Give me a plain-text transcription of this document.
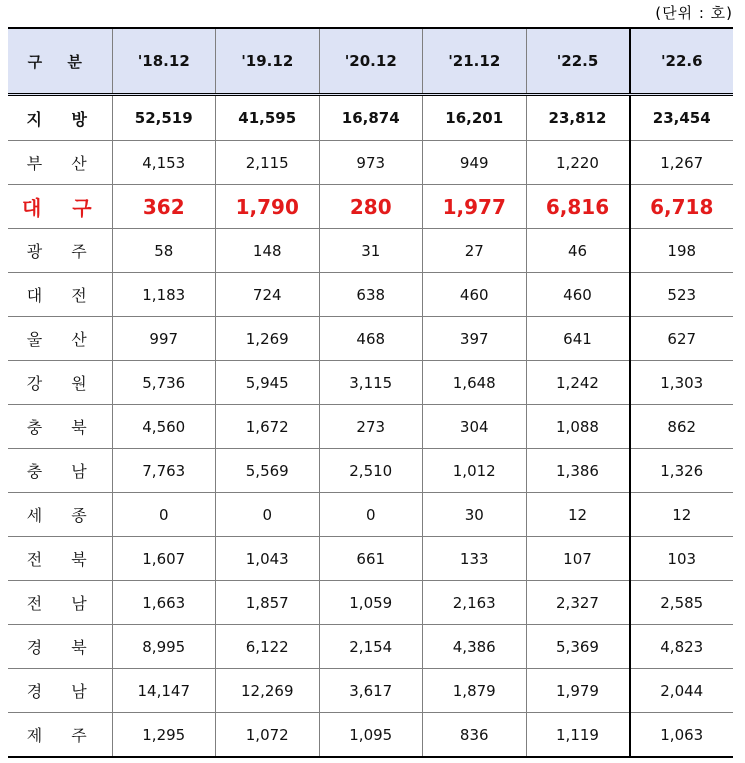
(단위 : 호)
구 분	'18.12	'19.12	'20.12	'21.12	'22.5	'22.6
지 방	52,519	41,595	16,874	16,201	23,812	23,454
부 산	4,153	2,115	973	949	1,220	1,267
대 구	362	1,790	280	1,977	6,816	6,718
광 주	58	148	31	27	46	198
대 전	1,183	724	638	460	460	523
울 산	997	1,269	468	397	641	627
강 원	5,736	5,945	3,115	1,648	1,242	1,303
충 북	4,560	1,672	273	304	1,088	862
충 남	7,763	5,569	2,510	1,012	1,386	1,326
세 종	0	0	0	30	12	12
전 북	1,607	1,043	661	133	107	103
전 남	1,663	1,857	1,059	2,163	2,327	2,585
경 북	8,995	6,122	2,154	4,386	5,369	4,823
경 남	14,147	12,269	3,617	1,879	1,979	2,044
제 주	1,295	1,072	1,095	836	1,119	1,063
